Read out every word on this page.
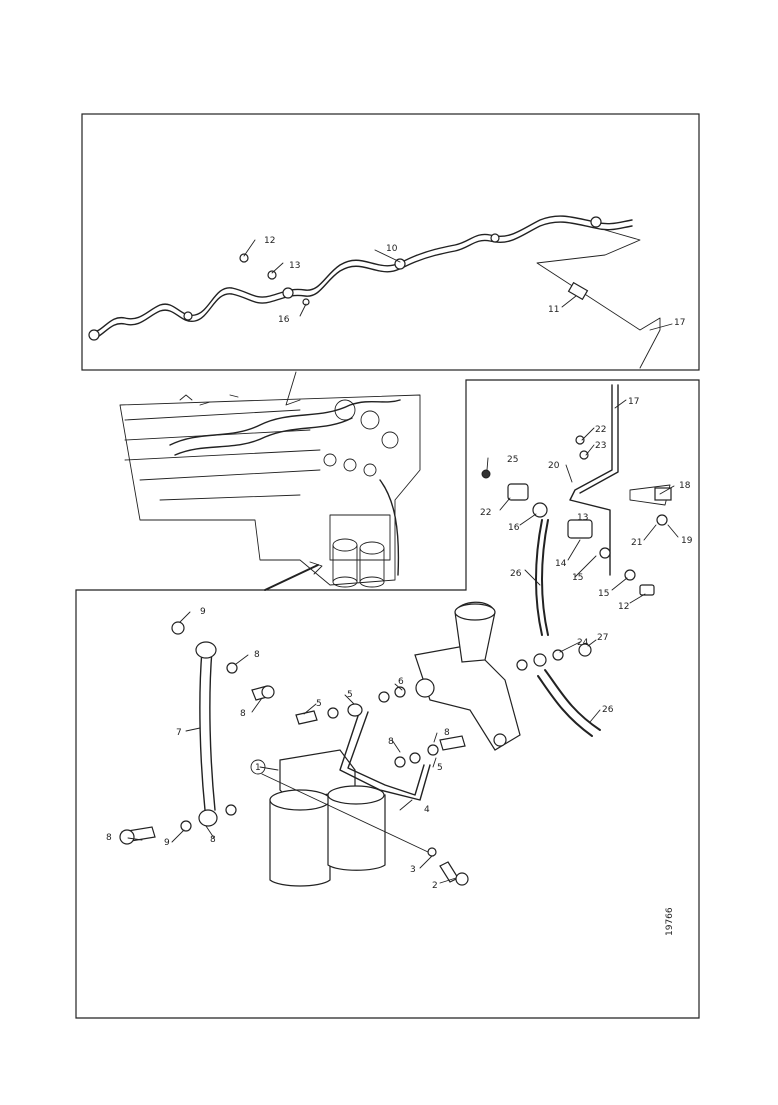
12
13
10
16
11
17
17
22
23
20
25
22
18
16
19
21
14
13
26	15
15
12
9
8
8
7
5
5
6
24 27
26
8
8
5
1
4
9	8
8
3
2
19766
